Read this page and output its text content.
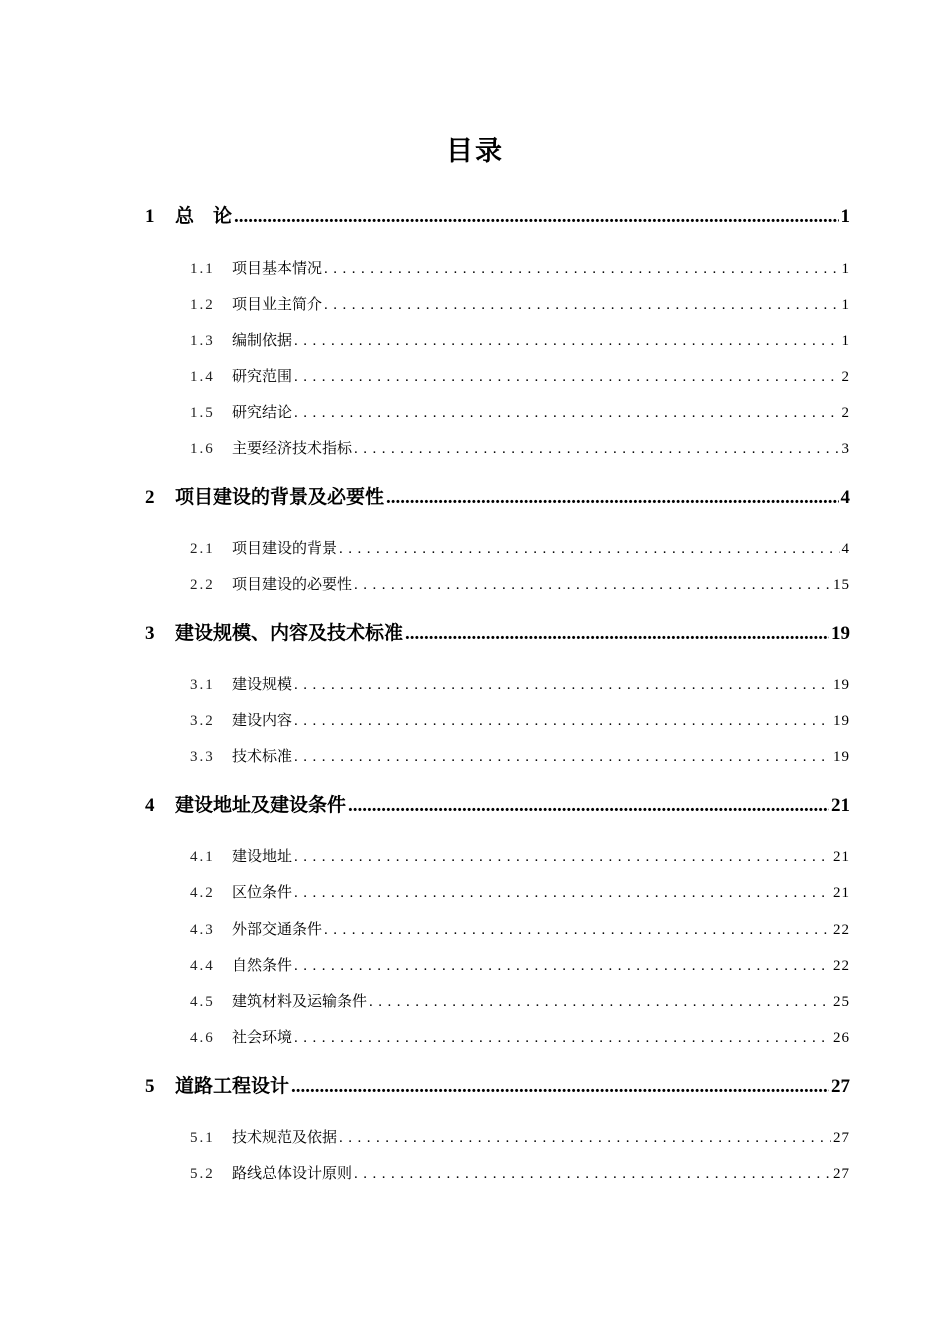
目录
1	总　论 .....	1
1.1	项目基本情况 .....	1
1.2	项目业主简介 .....	1
1.3	编制依据 .....	1
1.4	研究范围 .....	2
1.5	研究结论 .....	2
1.6	主要经济技术指标 .....	3
2	项目建设的背景及必要性 .....	4
2.1	项目建设的背景 .....	4
2.2	项目建设的必要性 .....	15
3	建设规模、内容及技术标准 .....	19
3.1	建设规模 .....	19
3.2	建设内容 .....	19
3.3	技术标准 .....	19
4	建设地址及建设条件 .....	21
4.1	建设地址 .....	21
4.2	区位条件 .....	21
4.3	外部交通条件 .....	22
4.4	自然条件 .....	22
4.5	建筑材料及运输条件 .....	25
4.6	社会环境 .....	26
5	道路工程设计 .....	27
5.1	技术规范及依据 .....	27
5.2	路线总体设计原则 .....	27
